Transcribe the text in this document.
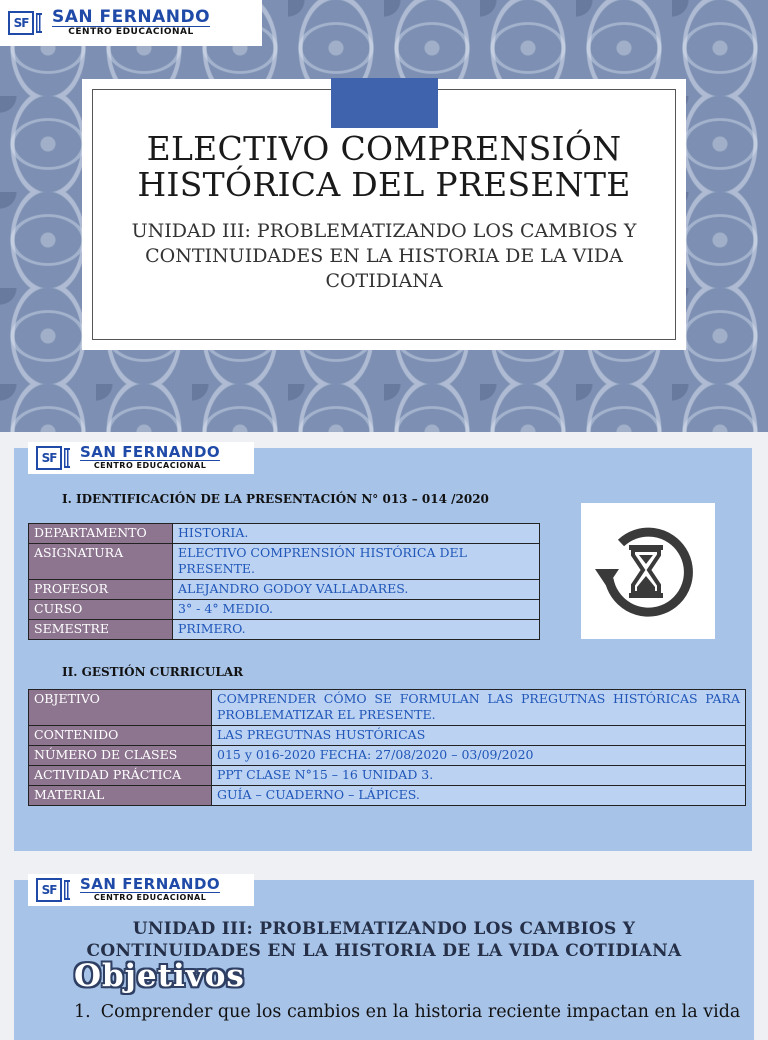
SF	SAN FERNANDO
CENTRO EDUCACIONAL
ELECTIVO COMPRENSIÓN
HISTÓRICA DEL PRESENTE
UNIDAD III: PROBLEMATIZANDO LOS CAMBIOS Y
CONTINUIDADES EN LA HISTORIA DE LA VIDA
COTIDIANA
SF	SAN FERNANDO
CENTRO EDUCACIONAL
I. IDENTIFICACIÓN DE LA PRESENTACIÓN N° 013 – 014 /2020
DEPARTAMENTO	HISTORIA.
ASIGNATURA	ELECTIVO COMPRENSIÓN HISTÓRICA DEL PRESENTE.
PROFESOR	ALEJANDRO GODOY VALLADARES.
CURSO	3° - 4° MEDIO.
SEMESTRE	PRIMERO.
II. GESTIÓN CURRICULAR
OBJETIVO	COMPRENDER CÓMO SE FORMULAN LAS PREGUTNAS HISTÓRICAS PARA PROBLEMATIZAR EL PRESENTE.
CONTENIDO	LAS PREGUTNAS HUSTÓRICAS
NÚMERO DE CLASES	015 y 016-2020 FECHA: 27/08/2020 – 03/09/2020
ACTIVIDAD PRÁCTICA	PPT CLASE N°15 – 16 UNIDAD 3.
MATERIAL	GUÍA – CUADERNO – LÁPICES.
SF	SAN FERNANDO
CENTRO EDUCACIONAL
UNIDAD III: PROBLEMATIZANDO LOS CAMBIOS Y
CONTINUIDADES EN LA HISTORIA DE LA VIDA COTIDIANA
Objetivos
1. Comprender que los cambios en la historia reciente impactan en la vida
